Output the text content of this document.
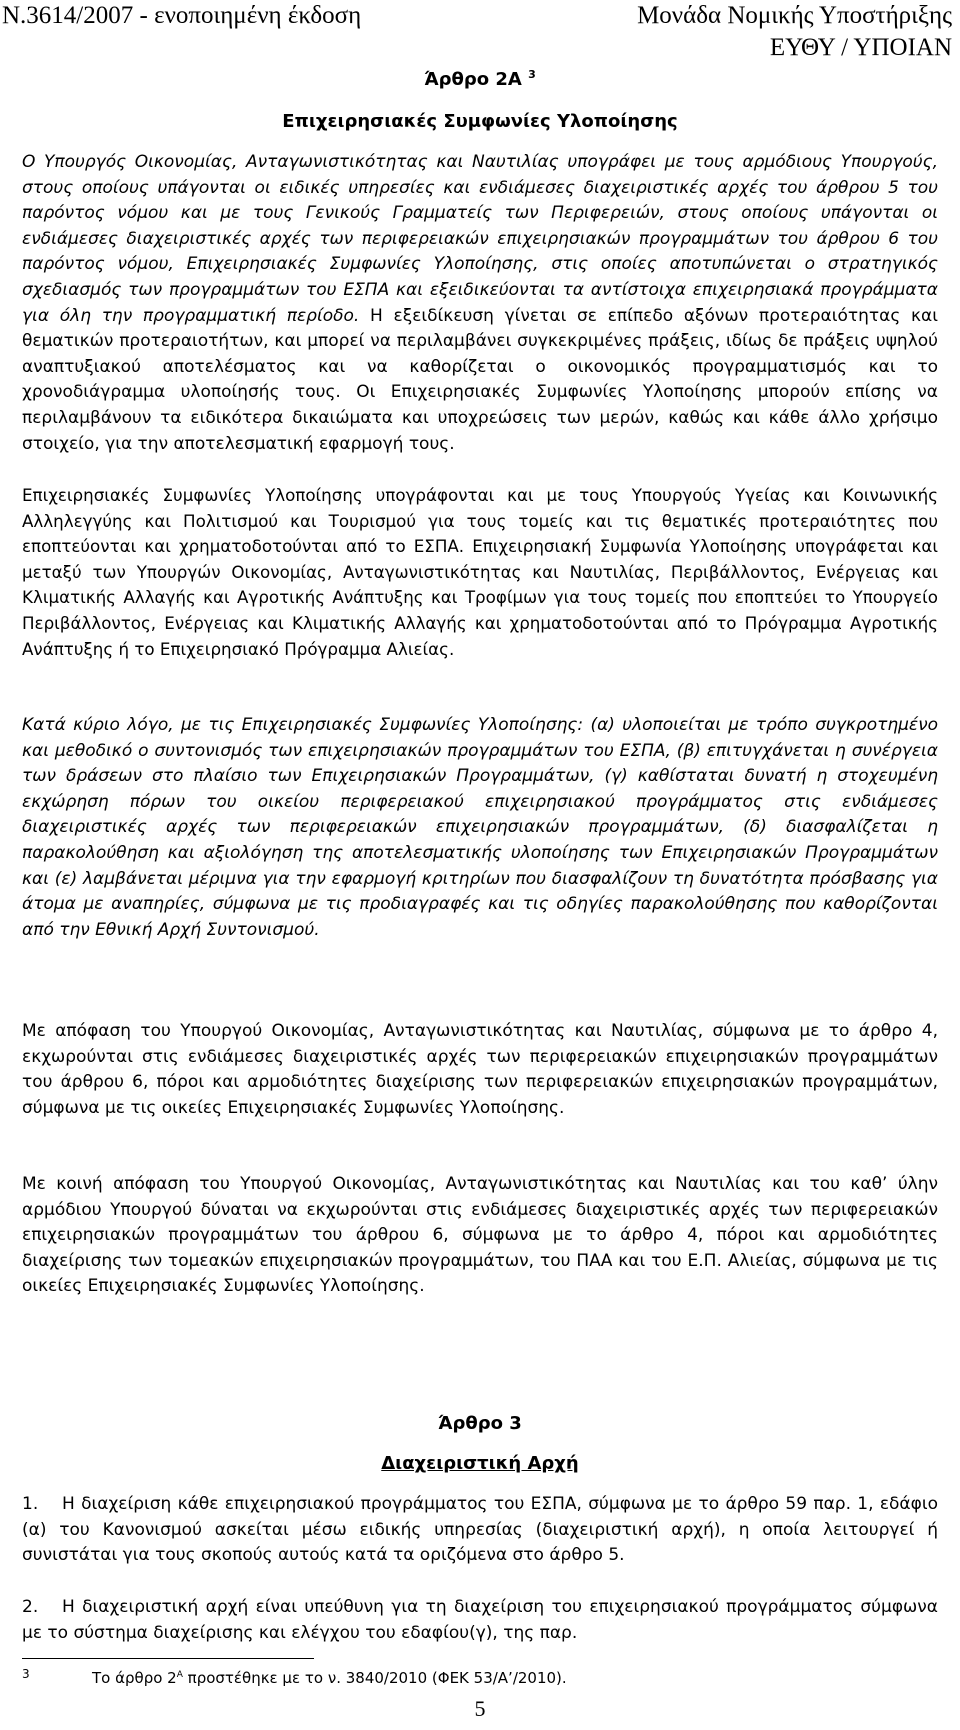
Ν.3614/2007 - ενοποιημένη έκδοση	Μονάδα Νομικής Υποστήριξης
ΕΥΘΥ / ΥΠΟΙΑΝ
Άρθρο 2Α $^3$
Επιχειρησιακές Συμφωνίες Υλοποίησης
Ο Υπουργός Οικονομίας, Ανταγωνιστικότητας και Ναυτιλίας υπογράφει με τους αρμόδιους Υπουργούς, στους οποίους υπάγονται οι ειδικές υπηρεσίες και ενδιάμεσες διαχειριστικές αρχές του άρθρου 5 του παρόντος νόμου και με τους Γενικούς Γραμματείς των Περιφερειών, στους οποίους υπάγονται οι ενδιάμεσες διαχειριστικές αρχές των περιφερειακών επιχειρησιακών προγραμμάτων του άρθρου 6 του παρόντος νόμου, Επιχειρησιακές Συμφωνίες Υλοποίησης, στις οποίες αποτυπώνεται ο στρατηγικός σχεδιασμός των προγραμμάτων του ΕΣΠΑ και εξειδικεύονται τα αντίστοιχα επιχειρησιακά προγράμματα για όλη την προγραμματική περίοδο. Η εξειδίκευση γίνεται σε επίπεδο αξόνων προτεραιότητας και θεματικών προτεραιοτήτων, και μπορεί να περιλαμβάνει συγκεκριμένες πράξεις, ιδίως δε πράξεις υψηλού αναπτυξιακού αποτελέσματος και να καθορίζεται ο οικονομικός προγραμματισμός και το χρονοδιάγραμμα υλοποίησής τους. Οι Επιχειρησιακές Συμφωνίες Υλοποίησης μπορούν επίσης να περιλαμβάνουν τα ειδικότερα δικαιώματα και υποχρεώσεις των μερών, καθώς και κάθε άλλο χρήσιμο στοιχείο, για την αποτελεσματική εφαρμογή τους.
Επιχειρησιακές Συμφωνίες Υλοποίησης υπογράφονται και με τους Υπουργούς Υγείας και Κοινωνικής Αλληλεγγύης και Πολιτισμού και Τουρισμού για τους τομείς και τις θεματικές προτεραιότητες που εποπτεύονται και χρηματοδοτούνται από το ΕΣΠΑ. Επιχειρησιακή Συμφωνία Υλοποίησης υπογράφεται και μεταξύ των Υπουργών Οικονομίας, Ανταγωνιστικότητας και Ναυτιλίας, Περιβάλλοντος, Ενέργειας και Κλιματικής Αλλαγής και Αγροτικής Ανάπτυξης και Τροφίμων για τους τομείς που εποπτεύει το Υπουργείο Περιβάλλοντος, Ενέργειας και Κλιματικής Αλλαγής και χρηματοδοτούνται από το Πρόγραμμα Αγροτικής Ανάπτυξης ή το Επιχειρησιακό Πρόγραμμα Αλιείας.
Κατά κύριο λόγο, με τις Επιχειρησιακές Συμφωνίες Υλοποίησης: (α) υλοποιείται με τρόπο συγκροτημένο και μεθοδικό ο συντονισμός των επιχειρησιακών προγραμμάτων του ΕΣΠΑ, (β) επιτυγχάνεται η συνέργεια των δράσεων στο πλαίσιο των Επιχειρησιακών Προγραμμάτων, (γ) καθίσταται δυνατή η στοχευμένη εκχώρηση πόρων του οικείου περιφερειακού επιχειρησιακού προγράμματος στις ενδιάμεσες διαχειριστικές αρχές των περιφερειακών επιχειρησιακών προγραμμάτων, (δ) διασφαλίζεται η παρακολούθηση και αξιολόγηση της αποτελεσματικής υλοποίησης των Επιχειρησιακών Προγραμμάτων και (ε) λαμβάνεται μέριμνα για την εφαρμογή κριτηρίων που διασφαλίζουν τη δυνατότητα πρόσβασης για άτομα με αναπηρίες, σύμφωνα με τις προδιαγραφές και τις οδηγίες παρακολούθησης που καθορίζονται από την Εθνική Αρχή Συντονισμού.
Με απόφαση του Υπουργού Οικονομίας, Ανταγωνιστικότητας και Ναυτιλίας, σύμφωνα με το άρθρο 4, εκχωρούνται στις ενδιάμεσες διαχειριστικές αρχές των περιφερειακών επιχειρησιακών προγραμμάτων του άρθρου 6, πόροι και αρμοδιότητες διαχείρισης των περιφερειακών επιχειρησιακών προγραμμάτων, σύμφωνα με τις οικείες Επιχειρησιακές Συμφωνίες Υλοποίησης.
Με κοινή απόφαση του Υπουργού Οικονομίας, Ανταγωνιστικότητας και Ναυτιλίας και του καθ’ ύλην αρμόδιου Υπουργού δύναται να εκχωρούνται στις ενδιάμεσες διαχειριστικές αρχές των περιφερειακών επιχειρησιακών προγραμμάτων του άρθρου 6, σύμφωνα με το άρθρο 4, πόροι και αρμοδιότητες διαχείρισης των τομεακών επιχειρησιακών προγραμμάτων, του ΠΑΑ και του Ε.Π. Αλιείας, σύμφωνα με τις οικείες Επιχειρησιακές Συμφωνίες Υλοποίησης.
Άρθρο 3
Διαχειριστική Αρχή
1. Η διαχείριση κάθε επιχειρησιακού προγράμματος του ΕΣΠΑ, σύμφωνα με το άρθρο 59 παρ. 1, εδάφιο (α) του Κανονισμού ασκείται μέσω ειδικής υπηρεσίας (διαχειριστική αρχή), η οποία λειτουργεί ή συνιστάται για τους σκοπούς αυτούς κατά τα οριζόμενα στο άρθρο 5.
2. Η διαχειριστική αρχή είναι υπεύθυνη για τη διαχείριση του επιχειρησιακού προγράμματος σύμφωνα με το σύστημα διαχείρισης και ελέγχου του εδαφίου(γ), της παρ.
3	Το άρθρο 2$^A$ προστέθηκε με το ν. 3840/2010 (ΦΕΚ 53/Α’/2010).
5
